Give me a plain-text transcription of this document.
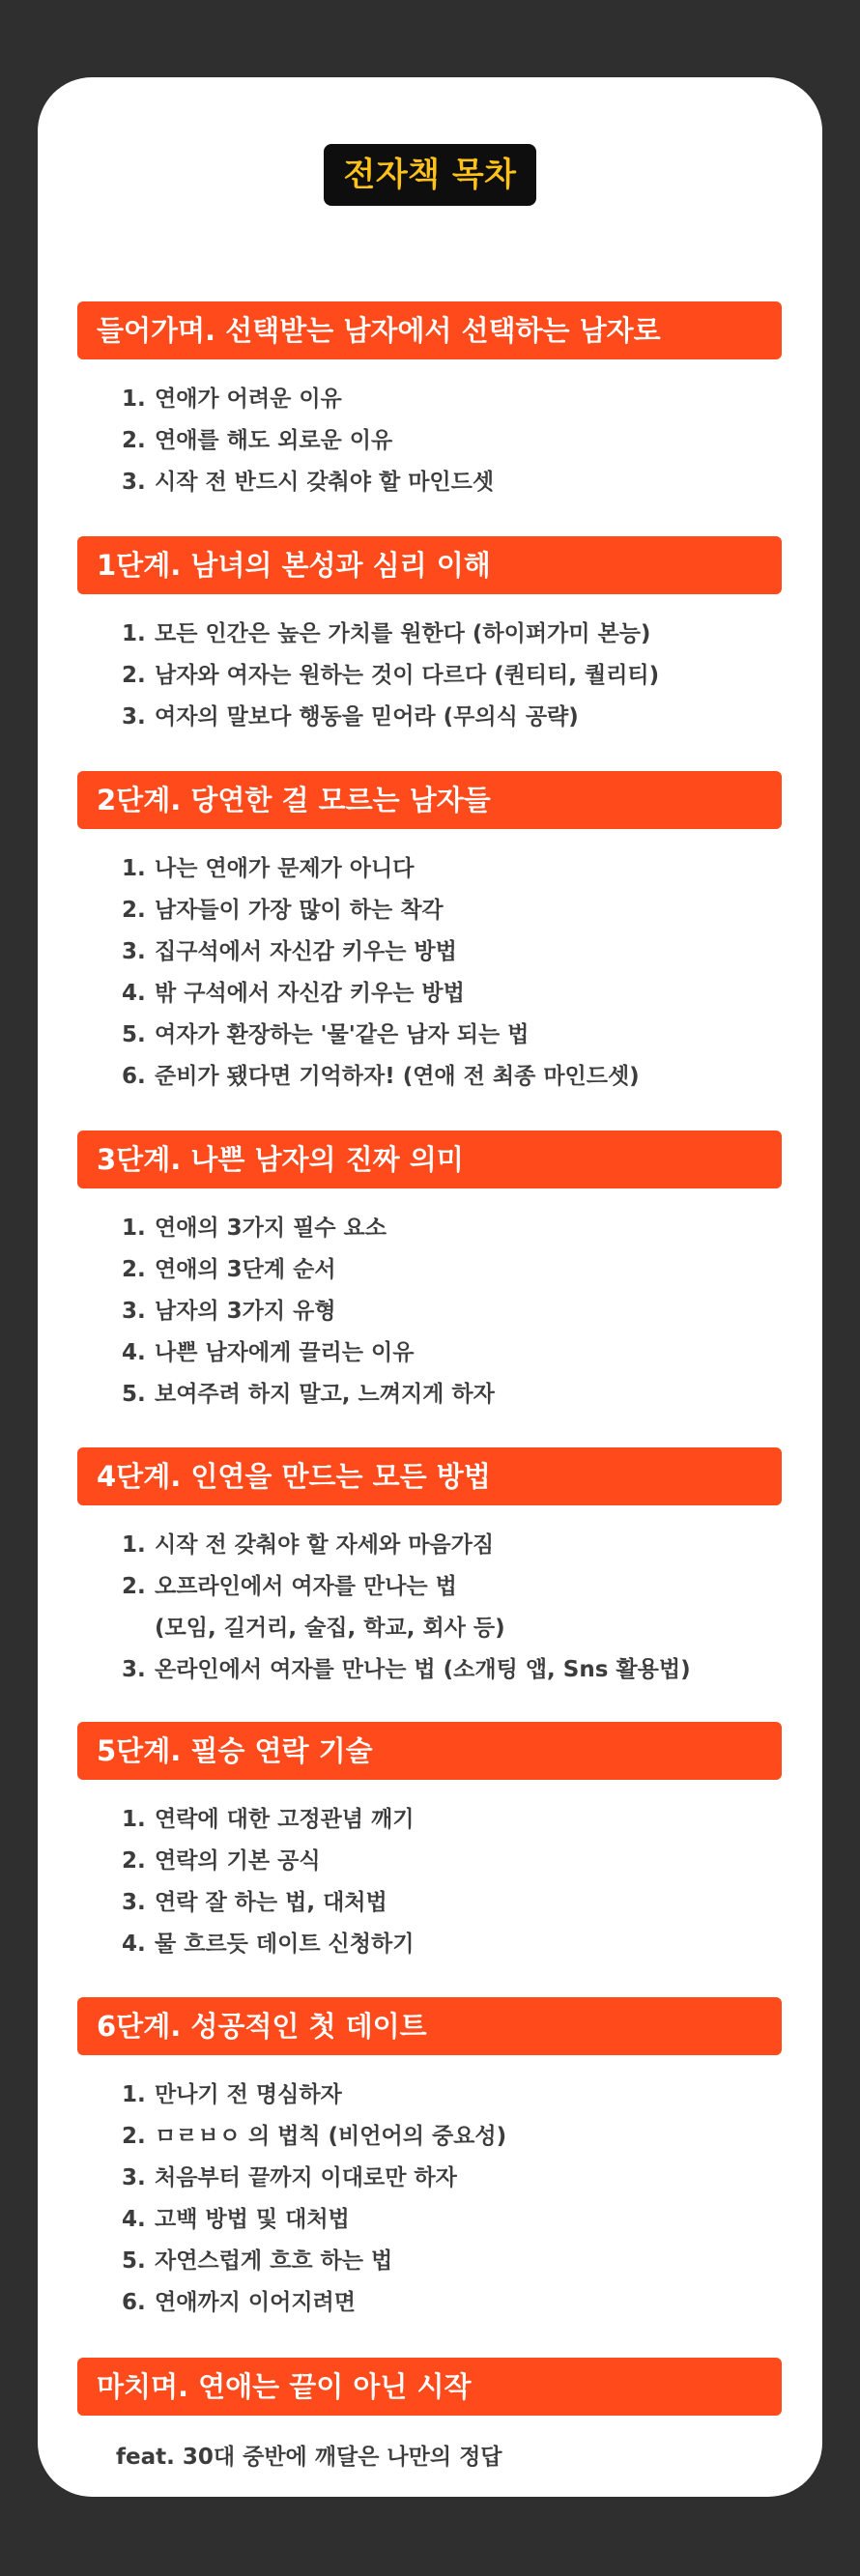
전자책 목차
들어가며. 선택받는 남자에서 선택하는 남자로
1. 연애가 어려운 이유
2. 연애를 해도 외로운 이유
3. 시작 전 반드시 갖춰야 할 마인드셋
1단계. 남녀의 본성과 심리 이해
1. 모든 인간은 높은 가치를 원한다 (하이퍼가미 본능)
2. 남자와 여자는 원하는 것이 다르다 (퀀티티, 퀄리티)
3. 여자의 말보다 행동을 믿어라 (무의식 공략)
2단계. 당연한 걸 모르는 남자들
1. 나는 연애가 문제가 아니다
2. 남자들이 가장 많이 하는 착각
3. 집구석에서 자신감 키우는 방법
4. 밖 구석에서 자신감 키우는 방법
5. 여자가 환장하는 '물'같은 남자 되는 법
6. 준비가 됐다면 기억하자! (연애 전 최종 마인드셋)
3단계. 나쁜 남자의 진짜 의미
1. 연애의 3가지 필수 요소
2. 연애의 3단계 순서
3. 남자의 3가지 유형
4. 나쁜 남자에게 끌리는 이유
5. 보여주려 하지 말고, 느껴지게 하자
4단계. 인연을 만드는 모든 방법
1. 시작 전 갖춰야 할 자세와 마음가짐
2. 오프라인에서 여자를 만나는 법
(모임, 길거리, 술집, 학교, 회사 등)
3. 온라인에서 여자를 만나는 법 (소개팅 앱, Sns 활용법)
5단계. 필승 연락 기술
1. 연락에 대한 고정관념 깨기
2. 연락의 기본 공식
3. 연락 잘 하는 법, 대처법
4. 물 흐르듯 데이트 신청하기
6단계. 성공적인 첫 데이트
1. 만나기 전 명심하자
2. ㅁㄹㅂㅇ 의 법칙 (비언어의 중요성)
3. 처음부터 끝까지 이대로만 하자
4. 고백 방법 및 대처법
5. 자연스럽게 흐흐 하는 법
6. 연애까지 이어지려면
마치며. 연애는 끝이 아닌 시작
feat. 30대 중반에 깨달은 나만의 정답
